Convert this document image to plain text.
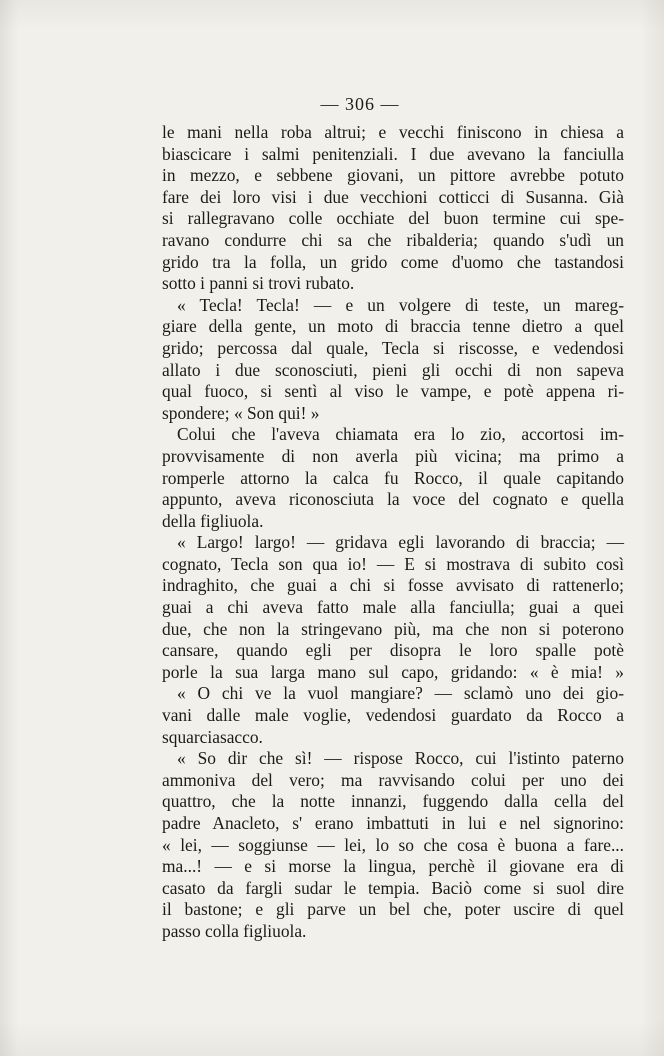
— 306 —
le mani nella roba altrui; e vecchi finiscono in chiesa a
biascicare i salmi penitenziali. I due avevano la fanciulla
in mezzo, e sebbene giovani, un pittore avrebbe potuto
fare dei loro visi i due vecchioni cotticci di Susanna. Già
si rallegravano colle occhiate del buon termine cui spe-
ravano condurre chi sa che ribalderia; quando s'udì un
grido tra la folla, un grido come d'uomo che tastandosi
sotto i panni si trovi rubato.
« Tecla! Tecla! — e un volgere di teste, un mareg-
giare della gente, un moto di braccia tenne dietro a quel
grido; percossa dal quale, Tecla si riscosse, e vedendosi
allato i due sconosciuti, pieni gli occhi di non sapeva
qual fuoco, si sentì al viso le vampe, e potè appena ri-
spondere; « Son qui! »
Colui che l'aveva chiamata era lo zio, accortosi im-
provvisamente di non averla più vicina; ma primo a
romperle attorno la calca fu Rocco, il quale capitando
appunto, aveva riconosciuta la voce del cognato e quella
della figliuola.
« Largo! largo! — gridava egli lavorando di braccia; —
cognato, Tecla son qua io! — E si mostrava di subito così
indraghito, che guai a chi si fosse avvisato di rattenerlo;
guai a chi aveva fatto male alla fanciulla; guai a quei
due, che non la stringevano più, ma che non si poterono
cansare, quando egli per disopra le loro spalle potè
porle la sua larga mano sul capo, gridando: « è mia! »
« O chi ve la vuol mangiare? — sclamò uno dei gio-
vani dalle male voglie, vedendosi guardato da Rocco a
squarciasacco.
« So dir che sì! — rispose Rocco, cui l'istinto paterno
ammoniva del vero; ma ravvisando colui per uno dei
quattro, che la notte innanzi, fuggendo dalla cella del
padre Anacleto, s' erano imbattuti in lui e nel signorino:
« lei, — soggiunse — lei, lo so che cosa è buona a fare...
ma...! — e si morse la lingua, perchè il giovane era di
casato da fargli sudar le tempia. Baciò come si suol dire
il bastone; e gli parve un bel che, poter uscire di quel
passo colla figliuola.
